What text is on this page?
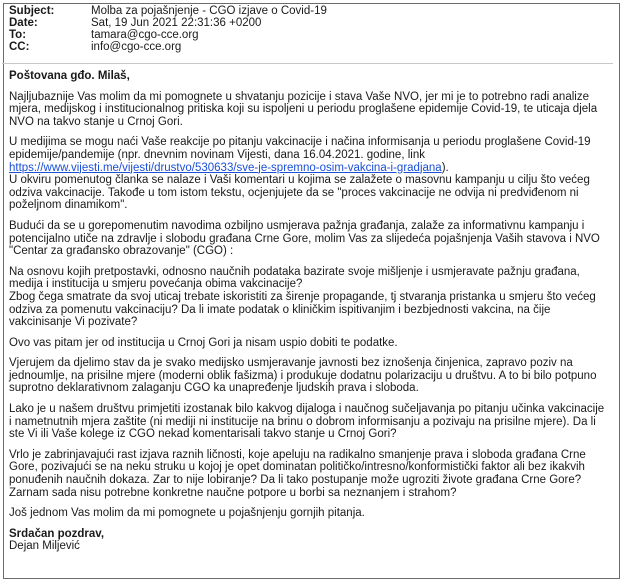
Subject:	Molba za pojašnjenje - CGO izjave o Covid-19
Date:	Sat, 19 Jun 2021 22:31:36 +0200
To:	tamara@cgo-cce.org
CC:	info@cgo-cce.org

Poštovana gđo. Milaš,

Najljubaznije Vas molim da mi pomognete u shvatanju pozicije i stava Vaše NVO, jer mi je to potrebno radi analize mjera, medijskog i institucionalnog pritiska koji su ispoljeni u periodu proglašene epidemije Covid-19, te uticaja djela NVO na takvo stanje u Crnoj Gori.

U medijima se mogu naći Vaše reakcije po pitanju vakcinacije i načina informisanja u periodu proglašene Covid-19 epidemije/pandemije (npr. dnevnim novinam Vijesti, dana 16.04.2021. godine, link https://www.vijesti.me/vijesti/drustvo/530633/sve-je-spremno-osim-vakcina-i-gradjana).

U okviru pomenutog članka se nalaze i Vaši komentari u kojima se zalažete o masovnu kampanju u cilju što većeg odziva vakcinacije. Takođe u tom istom tekstu, ocjenjujete da se "proces vakcinacije ne odvija ni predviđenom ni poželjnom dinamikom".

Budući da se u gorepomenutim navodima ozbiljno usmjerava pažnja građanja, zalaže za informativnu kampanju i potencijalno utiče na zdravlje i slobodu građana Crne Gore, molim Vas za slijedeća pojašnjenja Vaših stavova i NVO "Centar za građansko obrazovanje" (CGO) :

Na osnovu kojih pretpostavki, odnosno naučnih podataka bazirate svoje mišljenje i usmjeravate pažnju građana, medija i institucija u smjeru povećanja obima vakcinacije?

Zbog čega smatrate da svoj uticaj trebate iskoristiti za širenje propagande, tj stvaranja pristanka u smjeru što većeg odziva za pomenutu vakcinaciju? Da li imate podatak o kliničkim ispitivanjim i bezbjednosti vakcina, na čije vakcinisanje Vi pozivate?

Ovo vas pitam jer od institucija u Crnoj Gori ja nisam uspio dobiti te podatke.

Vjerujem da djelimo stav da je svako medijsko usmjeravanje javnosti bez iznošenja činjenica, zapravo poziv na jednoumlje, na prisilne mjere (moderni oblik fašizma) i produkuje dodatnu polarizaciju u društvu. A to bi bilo potpuno suprotno deklarativnom zalaganju CGO ka unapređenje ljudskih prava i sloboda.

Lako je u našem društvu primjetiti izostanak bilo kakvog dijaloga i naučnog sučeljavanja po pitanju učinka vakcinacije i nametnutnih mjera zaštite (ni mediji ni institucije na brinu o dobrom informisanju a pozivaju na prisilne mjere). Da li ste Vi ili Vaše kolege iz CGO nekad komentarisali takvo stanje u Crnoj Gori?

Vrlo je zabrinjavajući rast izjava raznih ličnosti, koje apeluju na radikalno smanjenje prava i sloboda građana Crne Gore, pozivajući se na neku struku u kojoj je opet dominatan političko/intresno/konformistički faktor ali bez ikakvih ponuđenih naučnih dokaza. Zar to nije lobiranje? Da li tako postupanje može ugroziti živote građana Crne Gore? Zarnam sada nisu potrebne konkretne naučne potpore u borbi sa neznanjem i strahom?

Još jednom Vas molim da mi pomognete u pojašnjenju gornjih pitanja.

Srdačan pozdrav,

Dejan Miljević
